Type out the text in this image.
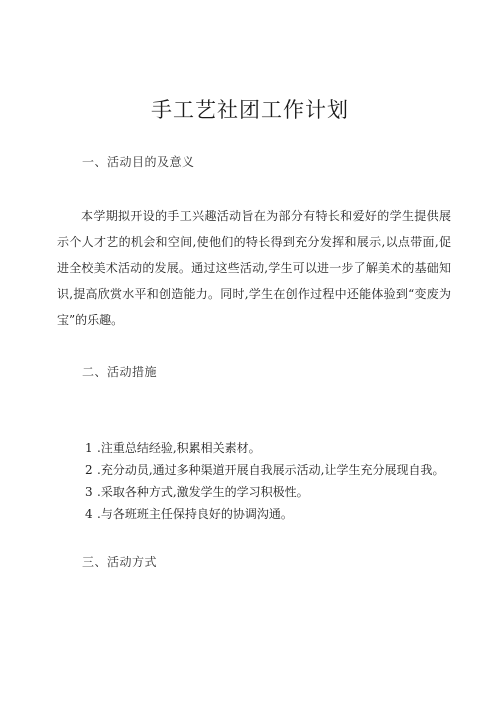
手工艺社团工作计划
一、活动目的及意义

本学期拟开设的手工兴趣活动旨在为部分有特长和爱好的学生提供展示个人才艺的机会和空间,使他们的特长得到充分发挥和展示,以点带面,促进全校美术活动的发展。通过这些活动,学生可以进一步了解美术的基础知识,提高欣赏水平和创造能力。同时,学生在创作过程中还能体验到“变废为宝”的乐趣。

二、活动措施
1 .注重总结经验,积累相关素材。
2 .充分动员,通过多种渠道开展自我展示活动,让学生充分展现自我。
3 .采取各种方式,激发学生的学习积极性。
4 .与各班班主任保持良好的协调沟通。
三、活动方式
